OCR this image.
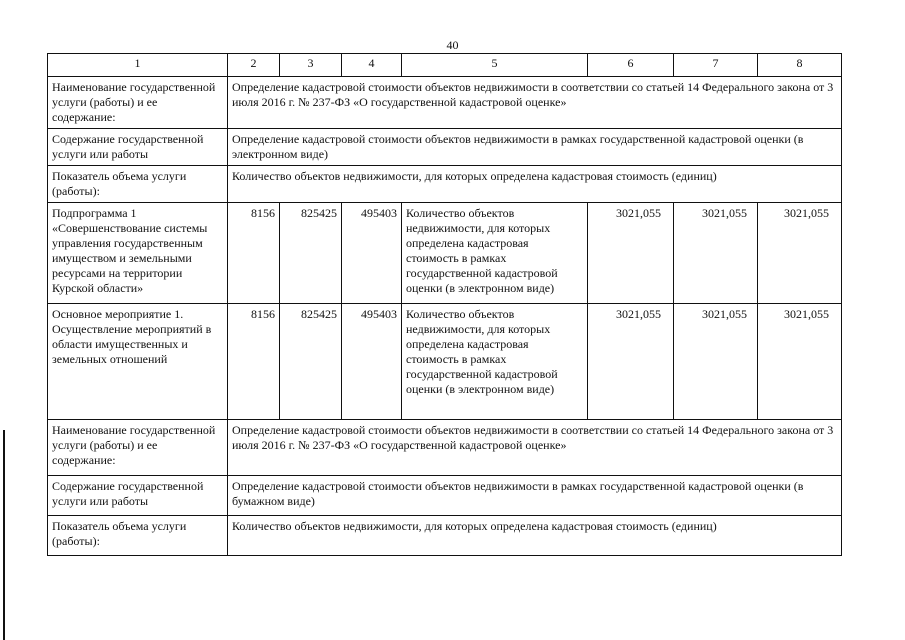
40
1	2	3	4	5	6	7	8
Наименование государственной услуги (работы) и ее содержание:	Определение кадастровой стоимости объектов недвижимости в соответствии со статьей 14 Федерального закона от 3 июля 2016 г. № 237-ФЗ «О государственной кадастровой оценке»						
Содержание государственной услуги или работы	Определение кадастровой стоимости объектов недвижимости в рамках государственной кадастровой оценки (в электронном виде)						
Показатель объема услуги (работы):	Количество объектов недвижимости, для которых определена кадастровая стоимость (единиц)						
Подпрограмма 1 «Совершенствование системы управления государственным имуществом и земельными ресурсами на территории Курской области»	8156	825425	495403	Количество объектов недвижимости, для которых определена кадастровая стоимость в рамках государственной кадастровой оценки (в электронном виде)	3021,055	3021,055	3021,055
Основное мероприятие 1. Осуществление мероприятий в области имущественных и земельных отношений	8156	825425	495403	Количество объектов недвижимости, для которых определена кадастровая стоимость в рамках государственной кадастровой оценки (в электронном виде)	3021,055	3021,055	3021,055
Наименование государственной услуги (работы) и ее содержание:	Определение кадастровой стоимости объектов недвижимости в соответствии со статьей 14 Федерального закона от 3 июля 2016 г. № 237-ФЗ «О государственной кадастровой оценке»						
Содержание государственной услуги или работы	Определение кадастровой стоимости объектов недвижимости в рамках государственной кадастровой оценки (в бумажном виде)						
Показатель объема услуги (работы):	Количество объектов недвижимости, для которых определена кадастровая стоимость (единиц)						
